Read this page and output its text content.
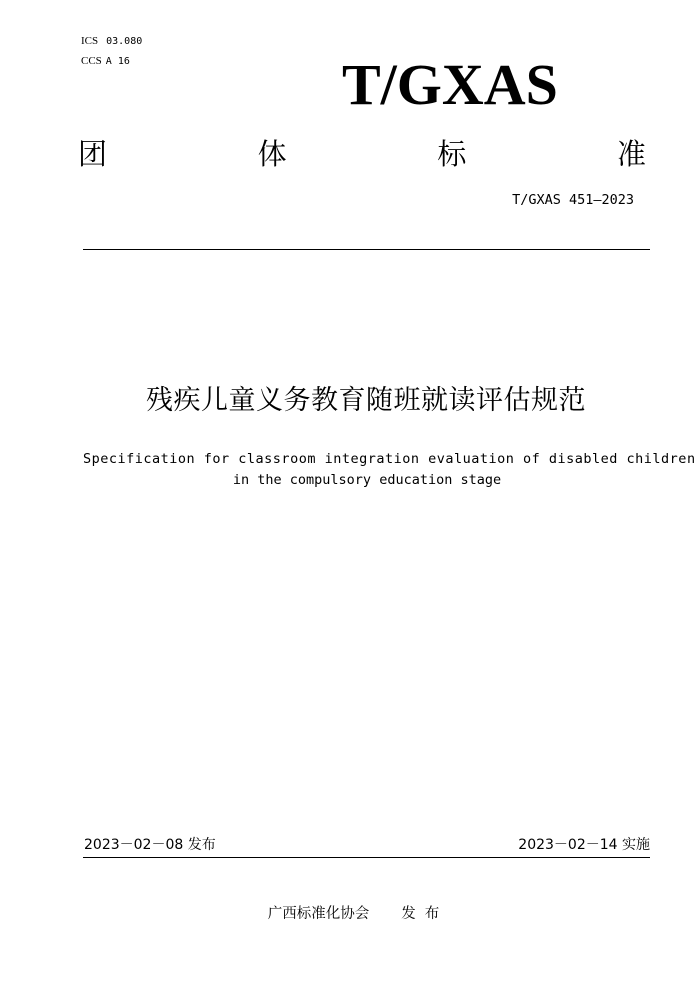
ICS 03.080
CCS A 16	T/GXAS
团	体	标	准
T/GXAS 451—2023
残疾儿童义务教育随班就读评估规范
Specification for classroom integration evaluation of disabled children
in the compulsory education stage
2023－02－08 发布	2023－02－14 实施
广西标准化协会 发布
